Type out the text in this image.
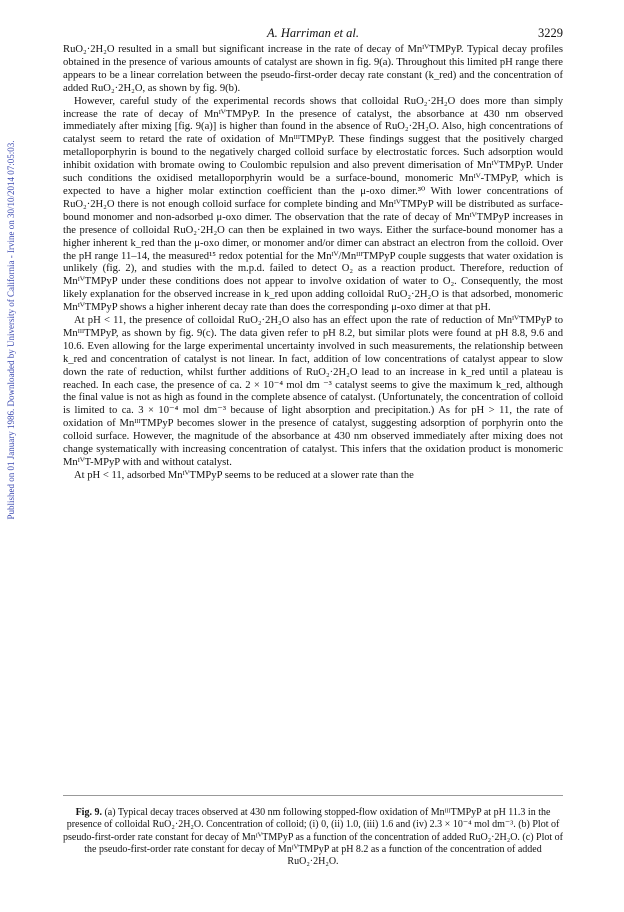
Published on 01 January 1986. Downloaded by University of California - Irvine on 30/10/2014 07:05:03.
A. Harriman et al.	3229

RuO₂·2H₂O resulted in a small but significant increase in the rate of decay of MnᴵⱽTMPyP. Typical decay profiles obtained in the presence of various amounts of catalyst are shown in fig. 9(a). Throughout this limited pH range there appears to be a linear correlation between the pseudo-first-order decay rate constant (k_red) and the concentration of added RuO₂·2H₂O, as shown by fig. 9(b).

However, careful study of the experimental records shows that colloidal RuO₂·2H₂O does more than simply increase the rate of decay of MnᴵⱽTMPyP. In the presence of catalyst, the absorbance at 430 nm observed immediately after mixing [fig. 9(a)] is higher than found in the absence of RuO₂·2H₂O. Also, high concentrations of catalyst seem to retard the rate of oxidation of MnᴵᴵᴵTMPyP. These findings suggest that the positively charged metalloporphyrin is bound to the negatively charged colloid surface by electrostatic forces. Such adsorption would inhibit oxidation with bromate owing to Coulombic repulsion and also prevent dimerisation of MnᴵⱽTMPyP. Under such conditions the oxidised metalloporphyrin would be a surface-bound, monomeric Mnᴵⱽ-TMPyP, which is expected to have a higher molar extinction coefficient than the μ-oxo dimer.³⁰ With lower concentrations of RuO₂·2H₂O there is not enough colloid surface for complete binding and MnᴵⱽTMPyP will be distributed as surface-bound monomer and non-adsorbed μ-oxo dimer. The observation that the rate of decay of MnᴵⱽTMPyP increases in the presence of colloidal RuO₂·2H₂O can then be explained in two ways. Either the surface-bound monomer has a higher inherent k_red than the μ-oxo dimer, or monomer and/or dimer can abstract an electron from the colloid. Over the pH range 11–14, the measured¹⁵ redox potential for the Mnᴵⱽ/MnᴵᴵᴵTMPyP couple suggests that water oxidation is unlikely (fig. 2), and studies with the m.p.d. failed to detect O₂ as a reaction product. Therefore, reduction of MnᴵⱽTMPyP under these conditions does not appear to involve oxidation of water to O₂. Consequently, the most likely explanation for the observed increase in k_red upon adding colloidal RuO₂·2H₂O is that adsorbed, monomeric MnᴵⱽTMPyP shows a higher inherent decay rate than does the corresponding μ-oxo dimer at that pH.

At pH < 11, the presence of colloidal RuO₂·2H₂O also has an effect upon the rate of reduction of MnᴵⱽTMPyP to MnᴵᴵᴵTMPyP, as shown by fig. 9(c). The data given refer to pH 8.2, but similar plots were found at pH 8.8, 9.6 and 10.6. Even allowing for the large experimental uncertainty involved in such measurements, the relationship between k_red and concentration of catalyst is not linear. In fact, addition of low concentrations of catalyst appear to slow down the rate of reduction, whilst further additions of RuO₂·2H₂O lead to an increase in k_red until a plateau is reached. In each case, the presence of ca. 2 × 10⁻⁴ mol dm ⁻³ catalyst seems to give the maximum k_red, although the final value is not as high as found in the complete absence of catalyst. (Unfortunately, the concentration of colloid is limited to ca. 3 × 10⁻⁴ mol dm⁻³ because of light absorption and precipitation.) As for pH > 11, the rate of oxidation of MnᴵᴵᴵTMPyP becomes slower in the presence of catalyst, suggesting adsorption of porphyrin onto the colloid surface. However, the magnitude of the absorbance at 430 nm observed immediately after mixing does not change systematically with increasing concentration of catalyst. This infers that the oxidation product is monomeric MnᴵⱽT-MPyP with and without catalyst.

At pH < 11, adsorbed MnᴵⱽTMPyP seems to be reduced at a slower rate than the

Fig. 9. (a) Typical decay traces observed at 430 nm following stopped-flow oxidation of MnᴵᴵᴵTMPyP at pH 11.3 in the presence of colloidal RuO₂·2H₂O. Concentration of colloid; (i) 0, (ii) 1.0, (iii) 1.6 and (iv) 2.3 × 10⁻⁴ mol dm⁻³. (b) Plot of pseudo-first-order rate constant for decay of MnᴵⱽTMPyP as a function of the concentration of added RuO₂·2H₂O. (c) Plot of the pseudo-first-order rate constant for decay of MnᴵⱽTMPyP at pH 8.2 as a function of the concentration of added RuO₂·2H₂O.
